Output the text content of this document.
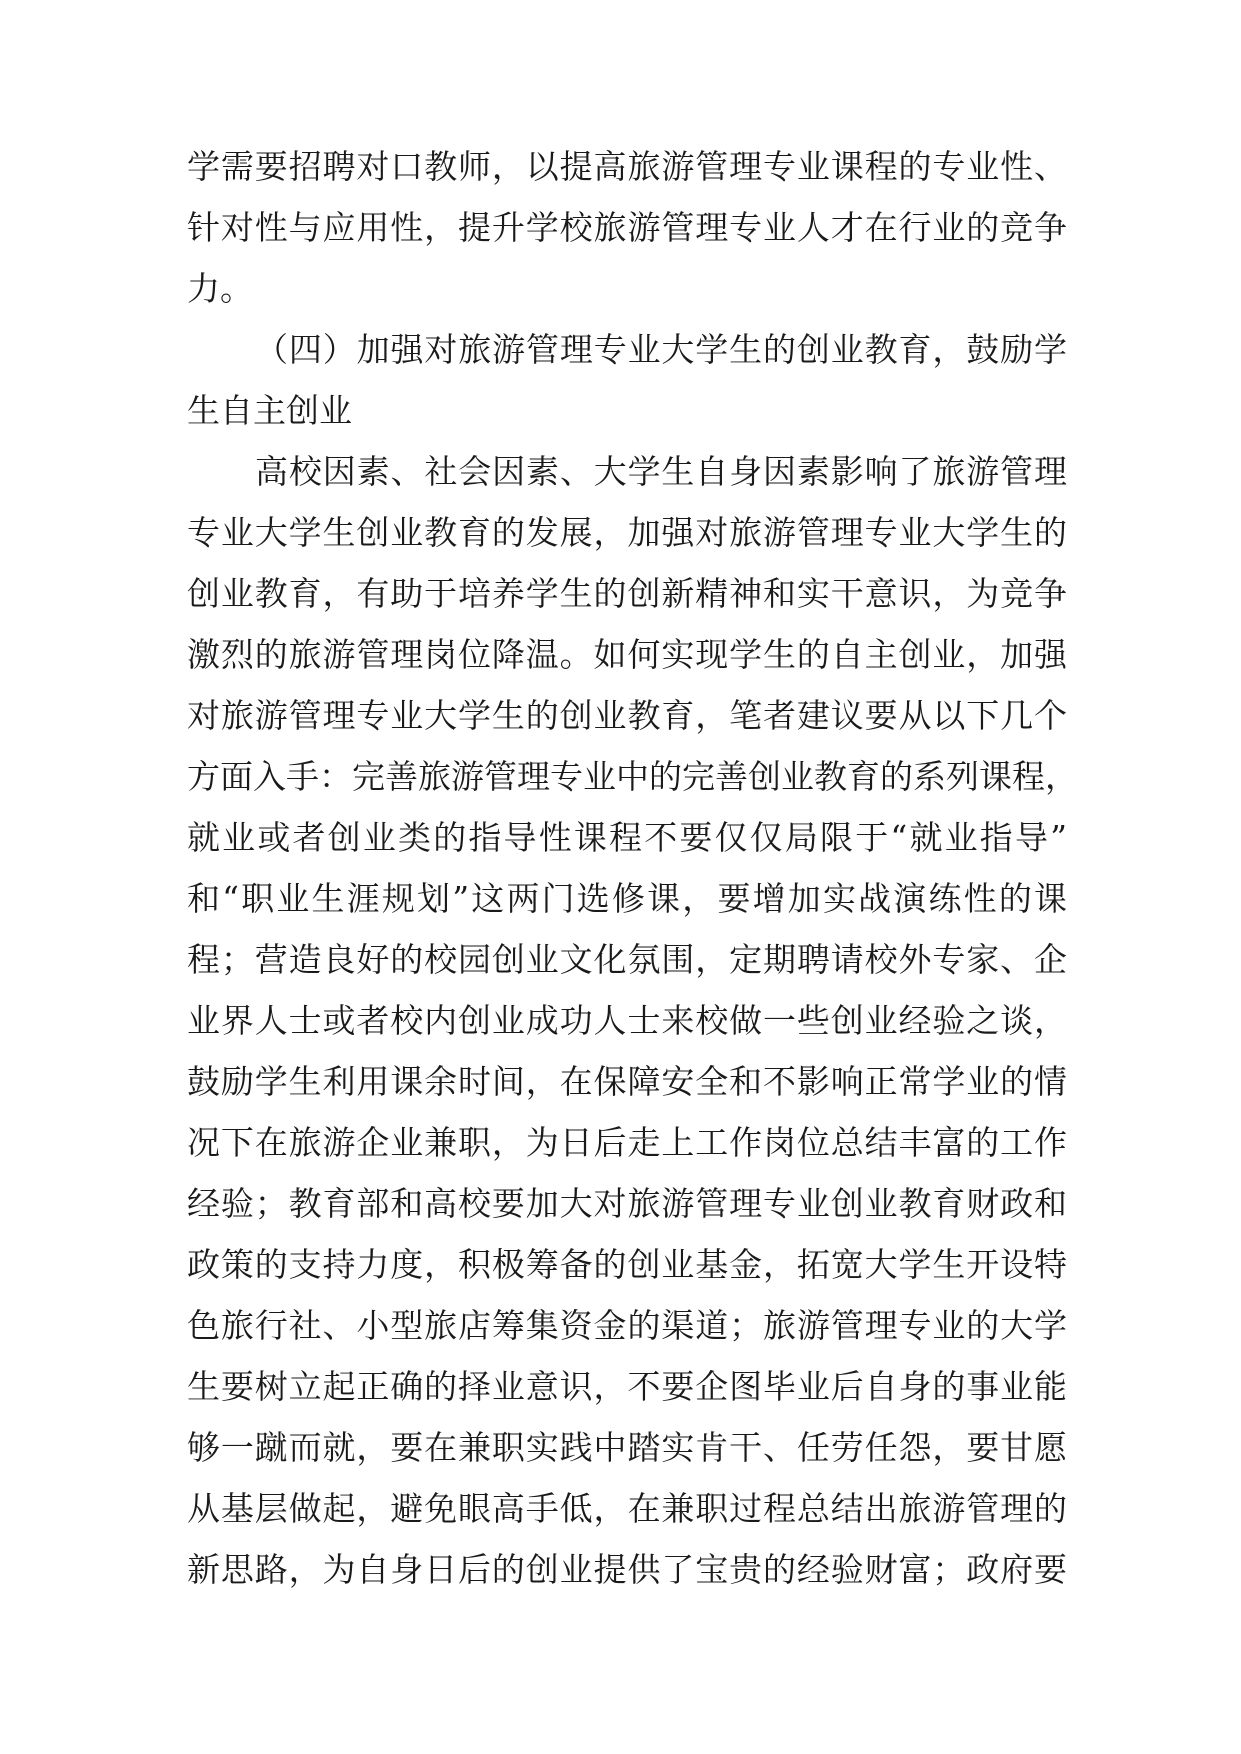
学需要招聘对口教师，以提高旅游管理专业课程的专业性、
针对性与应用性，提升学校旅游管理专业人才在行业的竞争
力。
（四）加强对旅游管理专业大学生的创业教育，鼓励学
生自主创业
高校因素、社会因素、大学生自身因素影响了旅游管理
专业大学生创业教育的发展，加强对旅游管理专业大学生的
创业教育，有助于培养学生的创新精神和实干意识，为竞争
激烈的旅游管理岗位降温。如何实现学生的自主创业，加强
对旅游管理专业大学生的创业教育，笔者建议要从以下几个
方面入手：完善旅游管理专业中的完善创业教育的系列课程，
就业或者创业类的指导性课程不要仅仅局限于“就业指导”
和“职业生涯规划”这两门选修课，要增加实战演练性的课
程；营造良好的校园创业文化氛围，定期聘请校外专家、企
业界人士或者校内创业成功人士来校做一些创业经验之谈，
鼓励学生利用课余时间，在保障安全和不影响正常学业的情
况下在旅游企业兼职，为日后走上工作岗位总结丰富的工作
经验；教育部和高校要加大对旅游管理专业创业教育财政和
政策的支持力度，积极筹备的创业基金，拓宽大学生开设特
色旅行社、小型旅店筹集资金的渠道；旅游管理专业的大学
生要树立起正确的择业意识，不要企图毕业后自身的事业能
够一蹴而就，要在兼职实践中踏实肯干、任劳任怨，要甘愿
从基层做起，避免眼高手低，在兼职过程总结出旅游管理的
新思路，为自身日后的创业提供了宝贵的经验财富；政府要
